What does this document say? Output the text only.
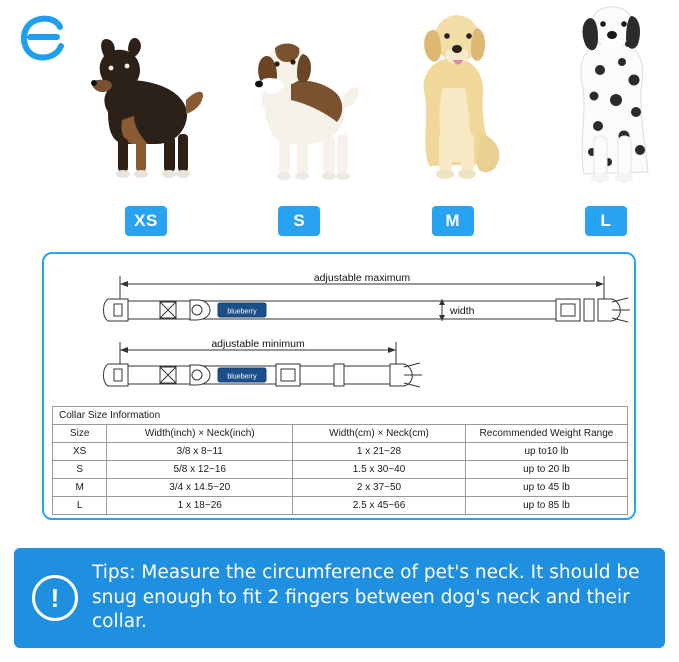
XS	S	M	L
adjustable maximum
blueberry	width
adjustable minimum
blueberry
Collar Size Information			
Size	Width(inch) × Neck(inch)	Width(cm) × Neck(cm)	Recommended Weight Range
XS	3/8 x 8~11	1 x 21~28	up to10 lb
S	5/8 x 12~16	1.5 x 30~40	up to 20 lb
M	3/4 x 14.5~20	2 x 37~50	up to 45 lb
L	1 x 18~26	2.5 x 45~66	up to 85 lb
!
Tips: Measure the circumference of pet's neck. It should be snug enough to fit 2 fingers between dog's neck and their collar.
